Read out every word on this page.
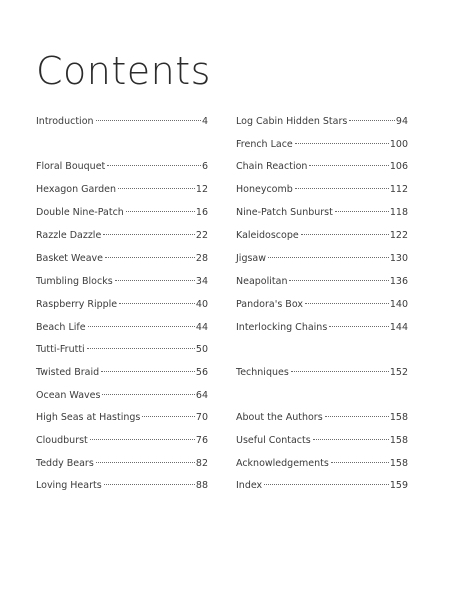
Contents
Introduction	4
Floral Bouquet	6
Hexagon Garden	12
Double Nine-Patch	16
Razzle Dazzle	22
Basket Weave	28
Tumbling Blocks	34
Raspberry Ripple	40
Beach Life	44
Tutti-Frutti	50
Twisted Braid	56
Ocean Waves	64
High Seas at Hastings	70
Cloudburst	76
Teddy Bears	82
Loving Hearts	88
Log Cabin Hidden Stars	94
French Lace	100
Chain Reaction	106
Honeycomb	112
Nine-Patch Sunburst	118
Kaleidoscope	122
Jigsaw	130
Neapolitan	136
Pandora's Box	140
Interlocking Chains	144
Techniques	152
About the Authors	158
Useful Contacts	158
Acknowledgements	158
Index	159
